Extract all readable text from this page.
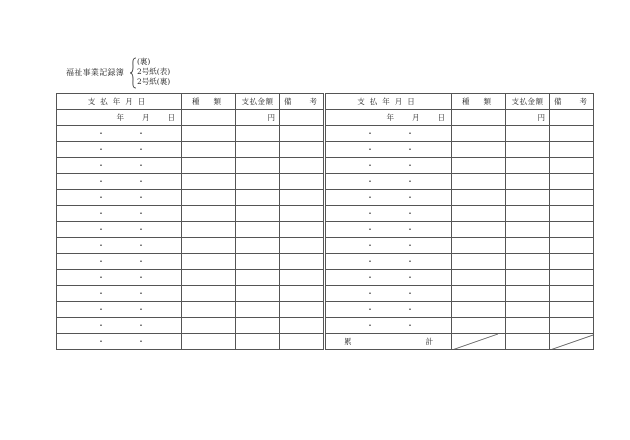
福祉事業記録簿
(裏)
2号紙(表)
2号紙(裏)
支払年月日	種類	支払金額	備 考		支払年月日	種類	支払金額	備 考

年 月 日		円			年 月 日		円	

・ ・					・ ・			

・ ・					・ ・			

・ ・					・ ・			

・ ・					・ ・			

・ ・					・ ・			

・ ・					・ ・			

・ ・					・ ・			

・ ・					・ ・			

・ ・					・ ・			

・ ・					・ ・			

・ ・					・ ・			

・ ・					・ ・			

・ ・					・ ・			

・ ・					累 計
